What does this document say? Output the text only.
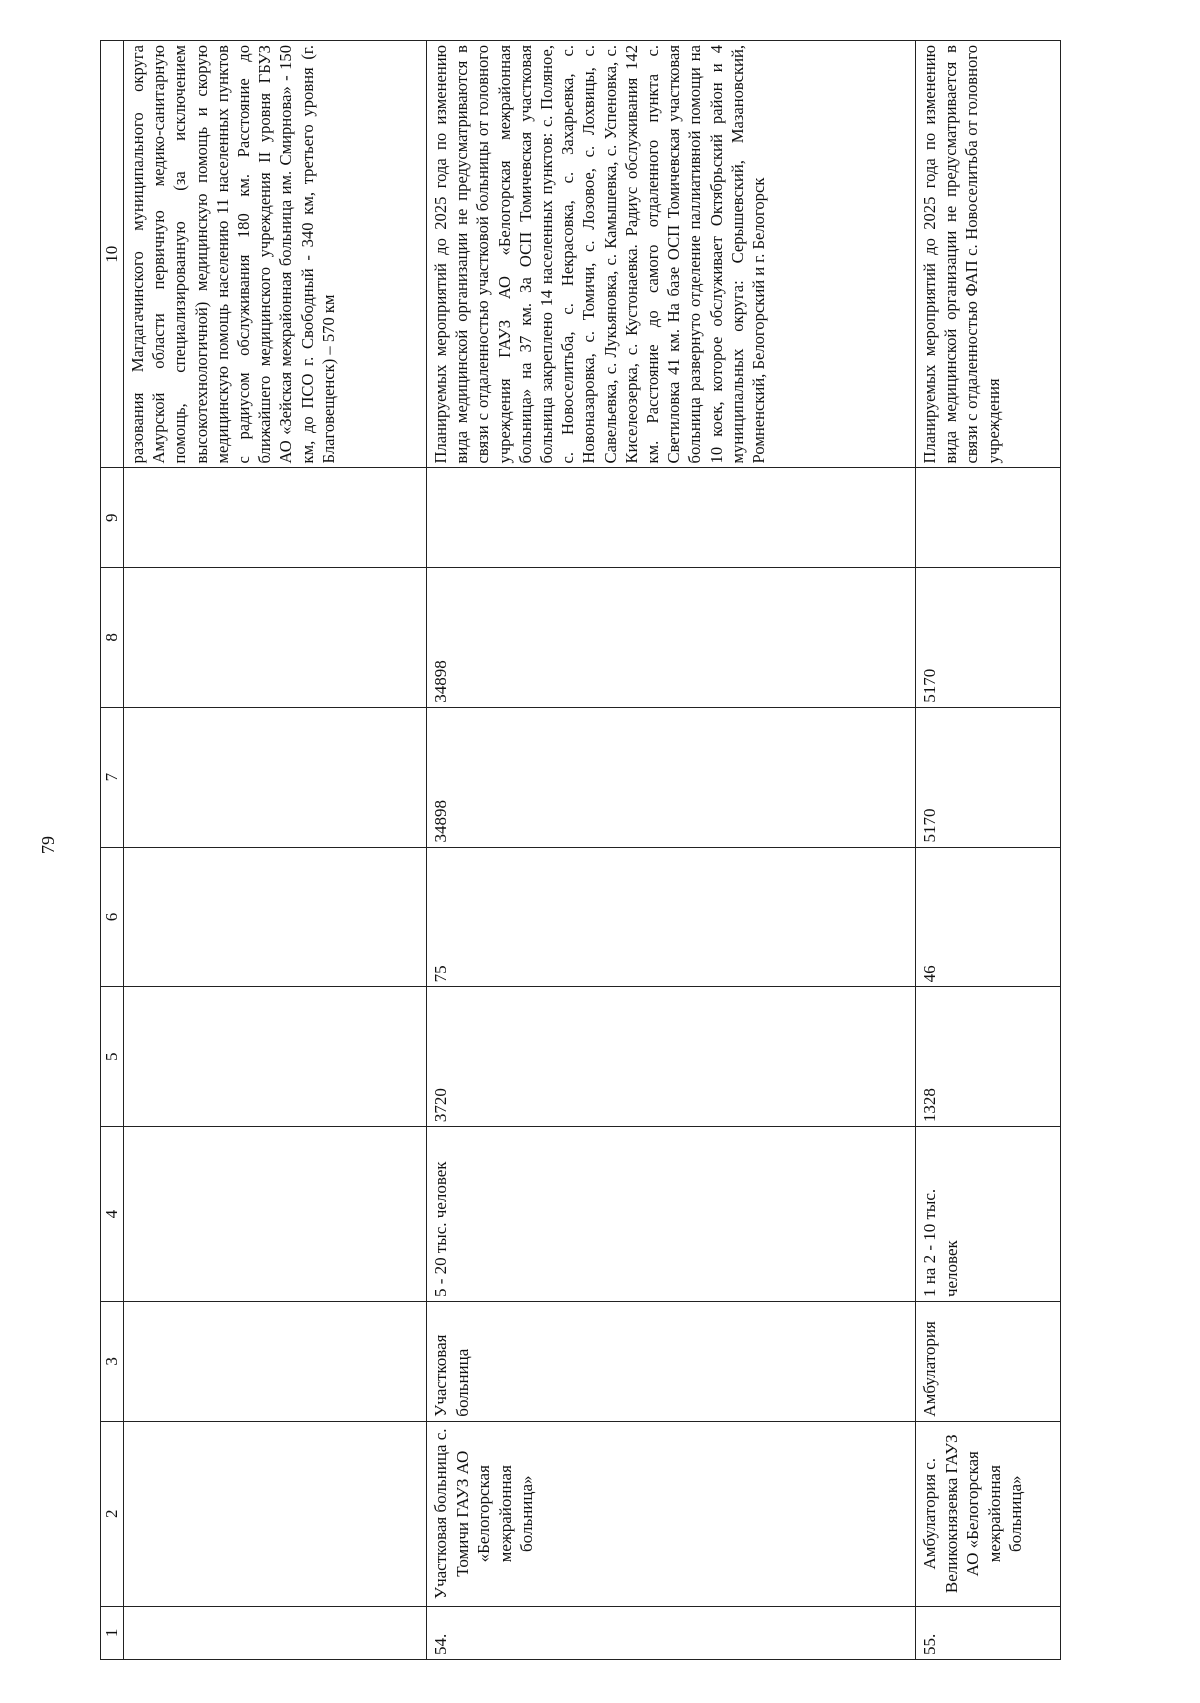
79
1	2	3	4	5	6	7	8	9	10
									разования Магдагачинского муниципального округа Амурской области первичную медико-санитарную помощь, специализированную (за исключением высокотехнологичной) медицинскую помощь и скорую медицинскую помощь населению 11 населенных пунктов с радиусом обслуживания 180 км. Расстояние до ближайшего медицинского учреждения II уровня ГБУЗ АО «Зейская межрайонная больница им. Смирнова» - 150 км, до ПСО г. Свободный - 340 км, третьего уровня (г. Благовещенск) – 570 км
54.	Участковая больница с. Томичи ГАУЗ АО «Белогорская межрайонная больница»	Участковая больница	5 - 20 тыс. человек	3720	75	34898	34898		Планируемых мероприятий до 2025 года по изменению вида медицинской организации не предусматриваются в связи с отдаленностью участковой больницы от головного учреждения ГАУЗ АО «Белогорская межрайонная больница» на 37 км. За ОСП Томичевская участковая больница закреплено 14 населенных пунктов: с. Поляное, с. Новоселитьба, с. Некрасовка, с. Захарьевка, с. Новоназаровка, с. Томичи, с. Лозовое, с. Лохвицы, с. Савельевка, с. Лукьяновка, с. Камышевка, с. Успеновка, с. Киселеозерка, с. Кустонаевка. Радиус обслуживания 142 км. Расстояние до самого отдаленного пункта с. Светиловка 41 км. На базе ОСП Томичевская участковая больница развернуто отделение паллиативной помощи на 10 коек, которое обслуживает Октябрьский район и 4 муниципальных округа: Серышевский, Мазановский, Ромненский, Белогорский и г. Белогорск
55.	Амбулатория с. Великокнязевка ГАУЗ АО «Белогорская межрайонная больница»	Амбулатория	1 на 2 - 10 тыс. человек	1328	46	5170	5170		Планируемых мероприятий до 2025 года по изменению вида медицинской организации не предусматривается в связи с отдаленностью ФАП с. Новоселитьба от головного учреждения
